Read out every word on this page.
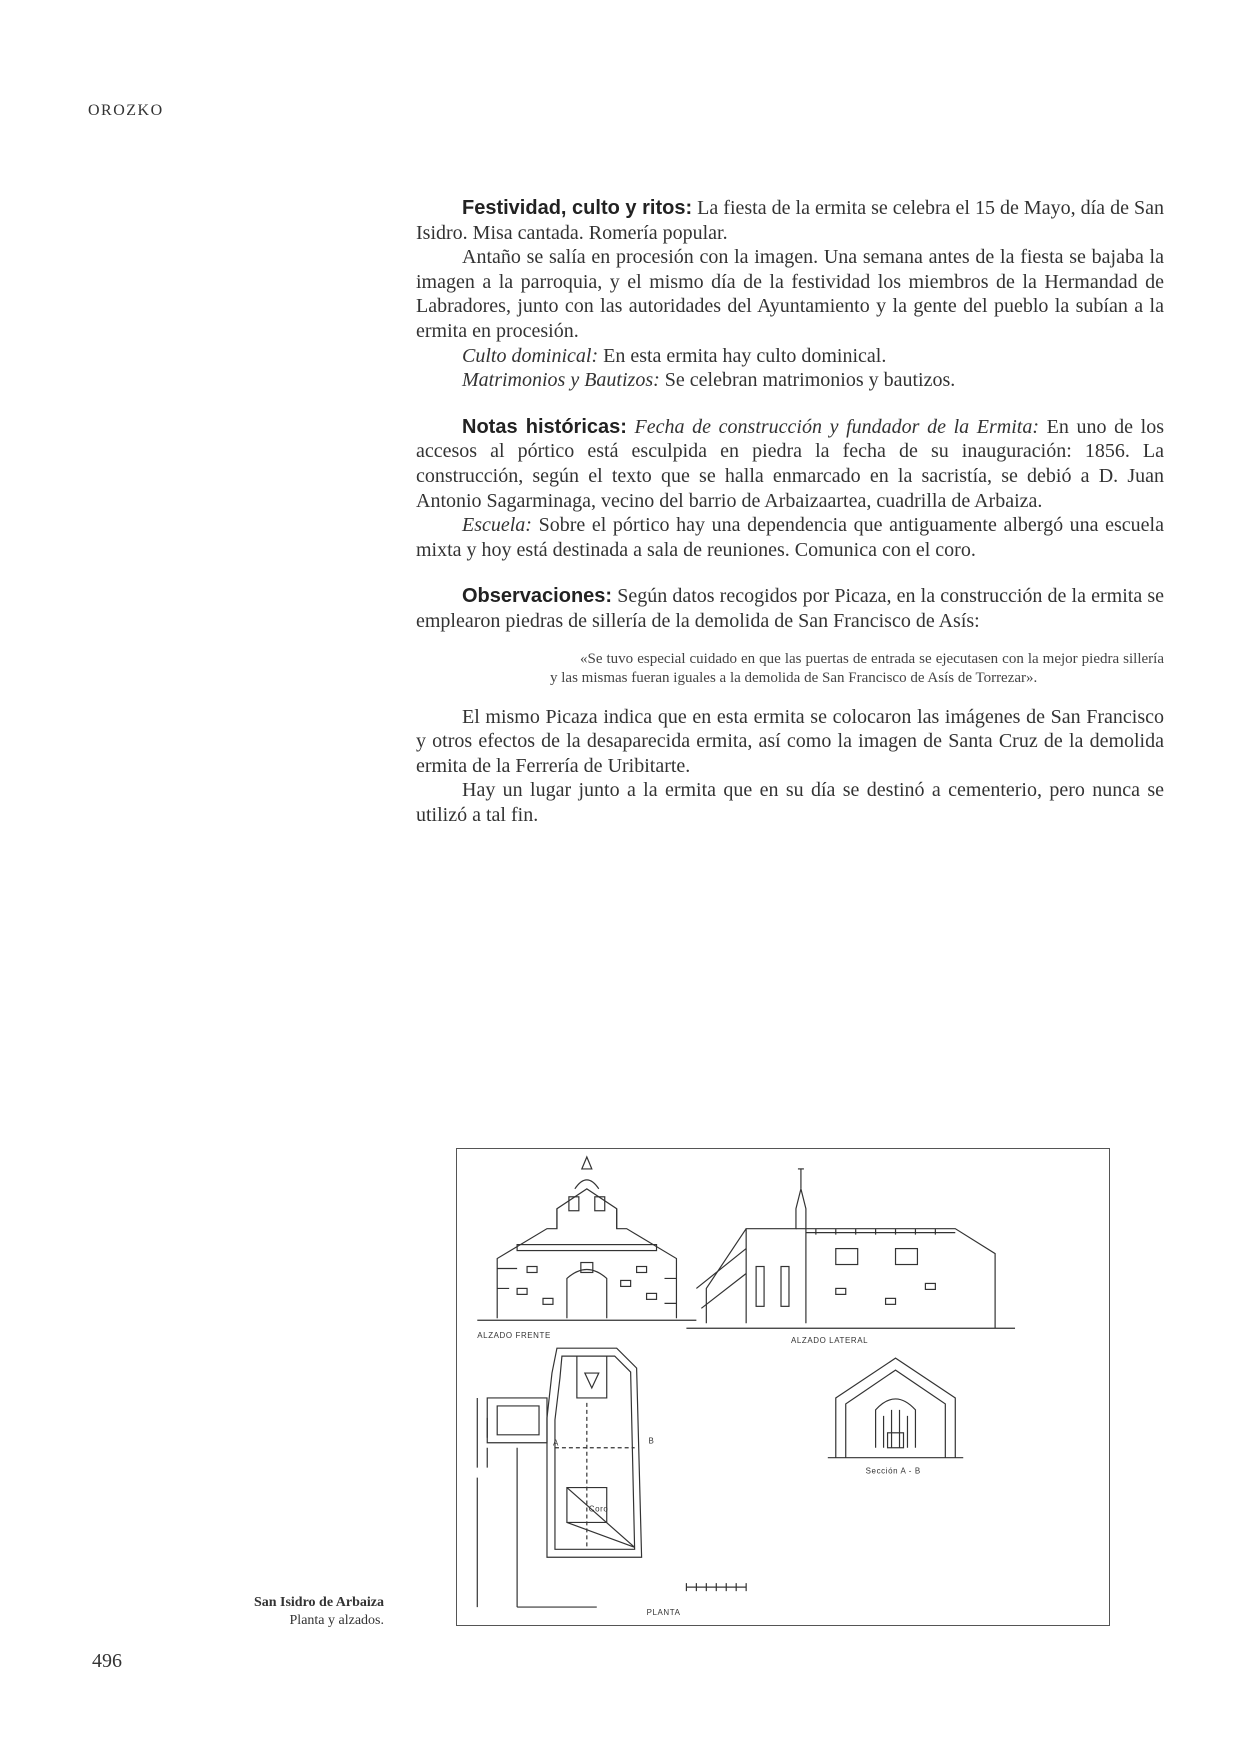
OROZKO

Festividad, culto y ritos: La fiesta de la ermita se celebra el 15 de Mayo, día de San Isidro. Misa cantada. Romería popular.

Antaño se salía en procesión con la imagen. Una semana antes de la fiesta se bajaba la imagen a la parroquia, y el mismo día de la festividad los miembros de la Hermandad de Labradores, junto con las autoridades del Ayuntamiento y la gente del pueblo la subían a la ermita en procesión.

Culto dominical: En esta ermita hay culto dominical.

Matrimonios y Bautizos: Se celebran matrimonios y bautizos.

Notas históricas: Fecha de construcción y fundador de la Ermita: En uno de los accesos al pórtico está esculpida en piedra la fecha de su inauguración: 1856. La construcción, según el texto que se halla enmarcado en la sacristía, se debió a D. Juan Antonio Sagarminaga, vecino del barrio de Arbaizaartea, cuadrilla de Arbaiza.

Escuela: Sobre el pórtico hay una dependencia que antiguamente albergó una escuela mixta y hoy está destinada a sala de reuniones. Comunica con el coro.

Observaciones: Según datos recogidos por Picaza, en la construcción de la ermita se emplearon piedras de sillería de la demolida de San Francisco de Asís:

«Se tuvo especial cuidado en que las puertas de entrada se ejecutasen con la mejor piedra sillería y las mismas fueran iguales a la demolida de San Francisco de Asís de Torrezar».

El mismo Picaza indica que en esta ermita se colocaron las imágenes de San Francisco y otros efectos de la desaparecida ermita, así como la imagen de Santa Cruz de la demolida ermita de la Ferrería de Uribitarte.

Hay un lugar junto a la ermita que en su día se destinó a cementerio, pero nunca se utilizó a tal fin.

ALZADO FRENTE
ALZADO LATERAL
PLANTA
Sección A - B
Coro
A	B
San Isidro de Arbaiza
Planta y alzados.
496
